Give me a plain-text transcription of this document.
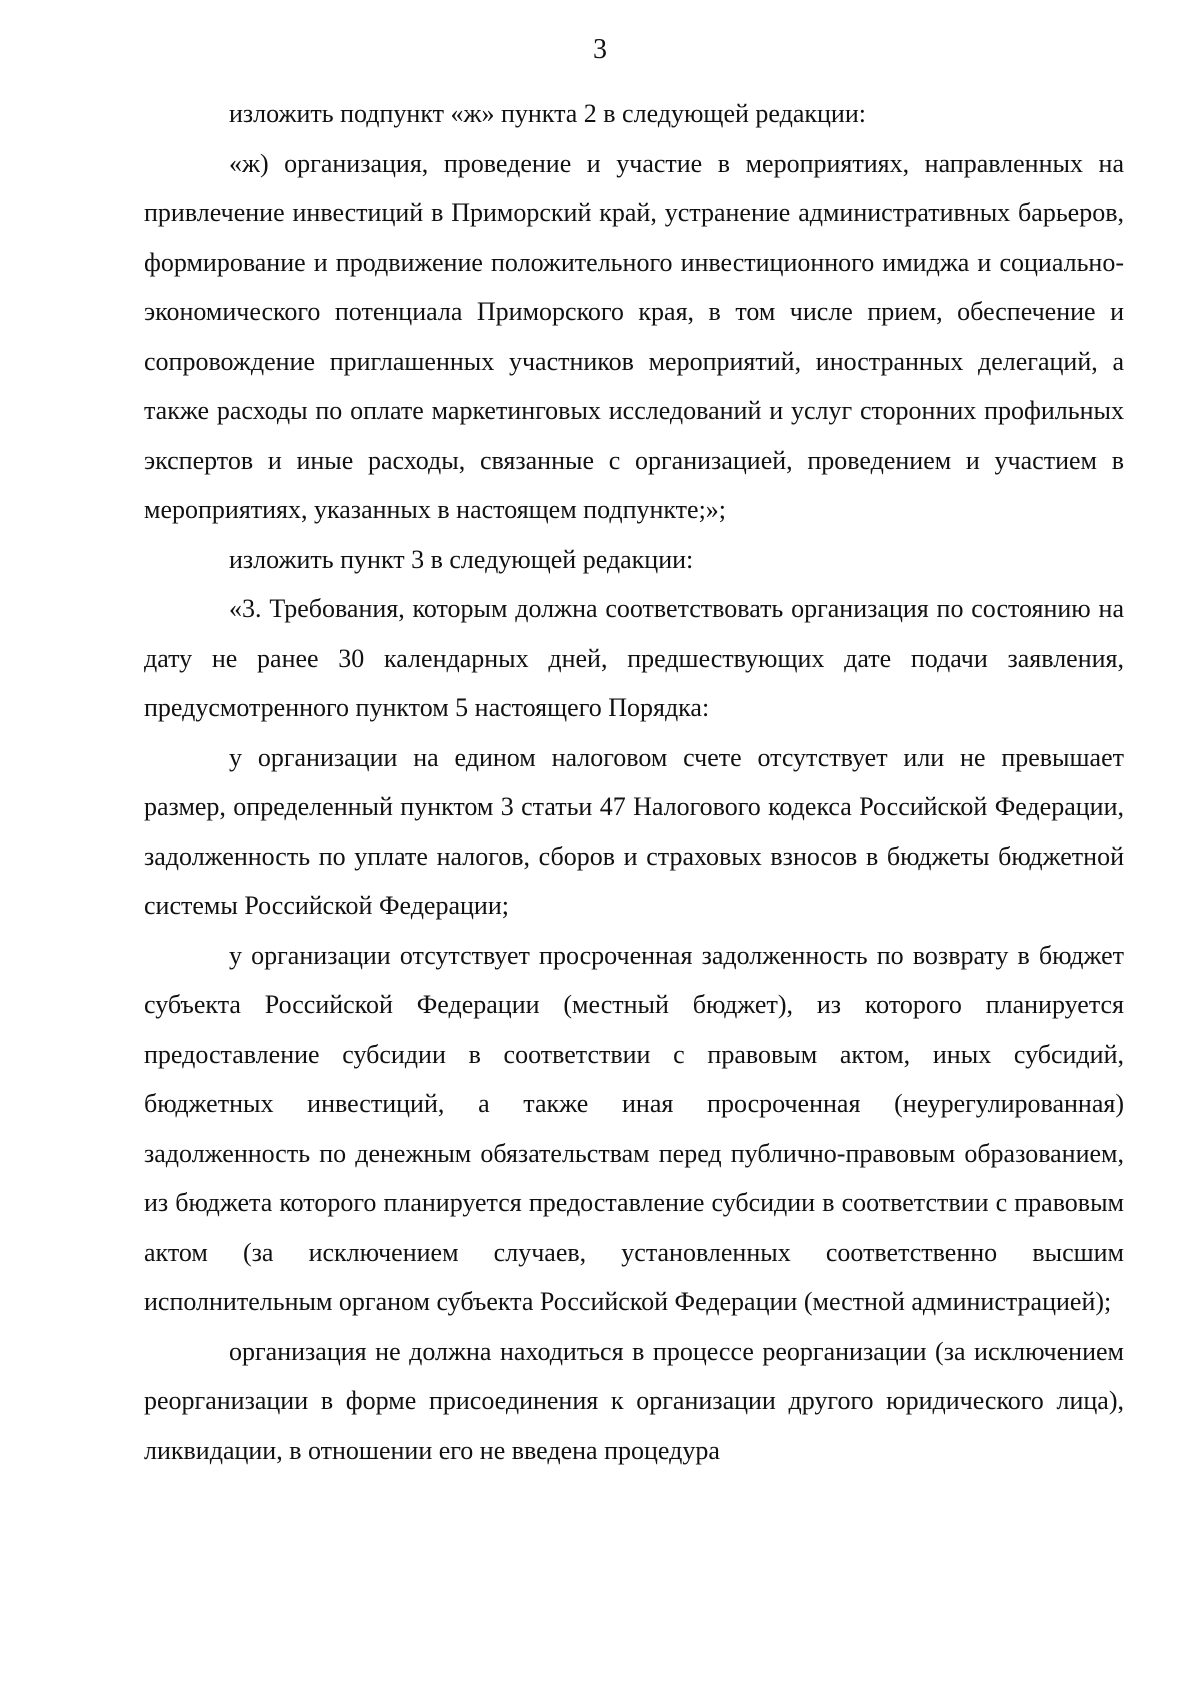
3

изложить подпункт «ж» пункта 2 в следующей редакции:

«ж) организация, проведение и участие в мероприятиях, направленных на привлечение инвестиций в Приморский край, устранение административных барьеров, формирование и продвижение положительного инвестиционного имиджа и социально-экономического потенциала Приморского края, в том числе прием, обеспечение и сопровождение приглашенных участников мероприятий, иностранных делегаций, а также расходы по оплате маркетинговых исследований и услуг сторонних профильных экспертов и иные расходы, связанные с организацией, проведением и участием в мероприятиях, указанных в настоящем подпункте;»;

изложить пункт 3 в следующей редакции:

«3. Требования, которым должна соответствовать организация по состоянию на дату не ранее 30 календарных дней, предшествующих дате подачи заявления, предусмотренного пунктом 5 настоящего Порядка:

у организации на едином налоговом счете отсутствует или не превышает размер, определенный пунктом 3 статьи 47 Налогового кодекса Российской Федерации, задолженность по уплате налогов, сборов и страховых взносов в бюджеты бюджетной системы Российской Федерации;

у организации отсутствует просроченная задолженность по возврату в бюджет субъекта Российской Федерации (местный бюджет), из которого планируется предоставление субсидии в соответствии с правовым актом, иных субсидий, бюджетных инвестиций, а также иная просроченная (неурегулированная) задолженность по денежным обязательствам перед публично-правовым образованием, из бюджета которого планируется предоставление субсидии в соответствии с правовым актом (за исключением случаев, установленных соответственно высшим исполнительным органом субъекта Российской Федерации (местной администрацией);

организация не должна находиться в процессе реорганизации (за исключением реорганизации в форме присоединения к организации другого юридического лица), ликвидации, в отношении его не введена процедура
